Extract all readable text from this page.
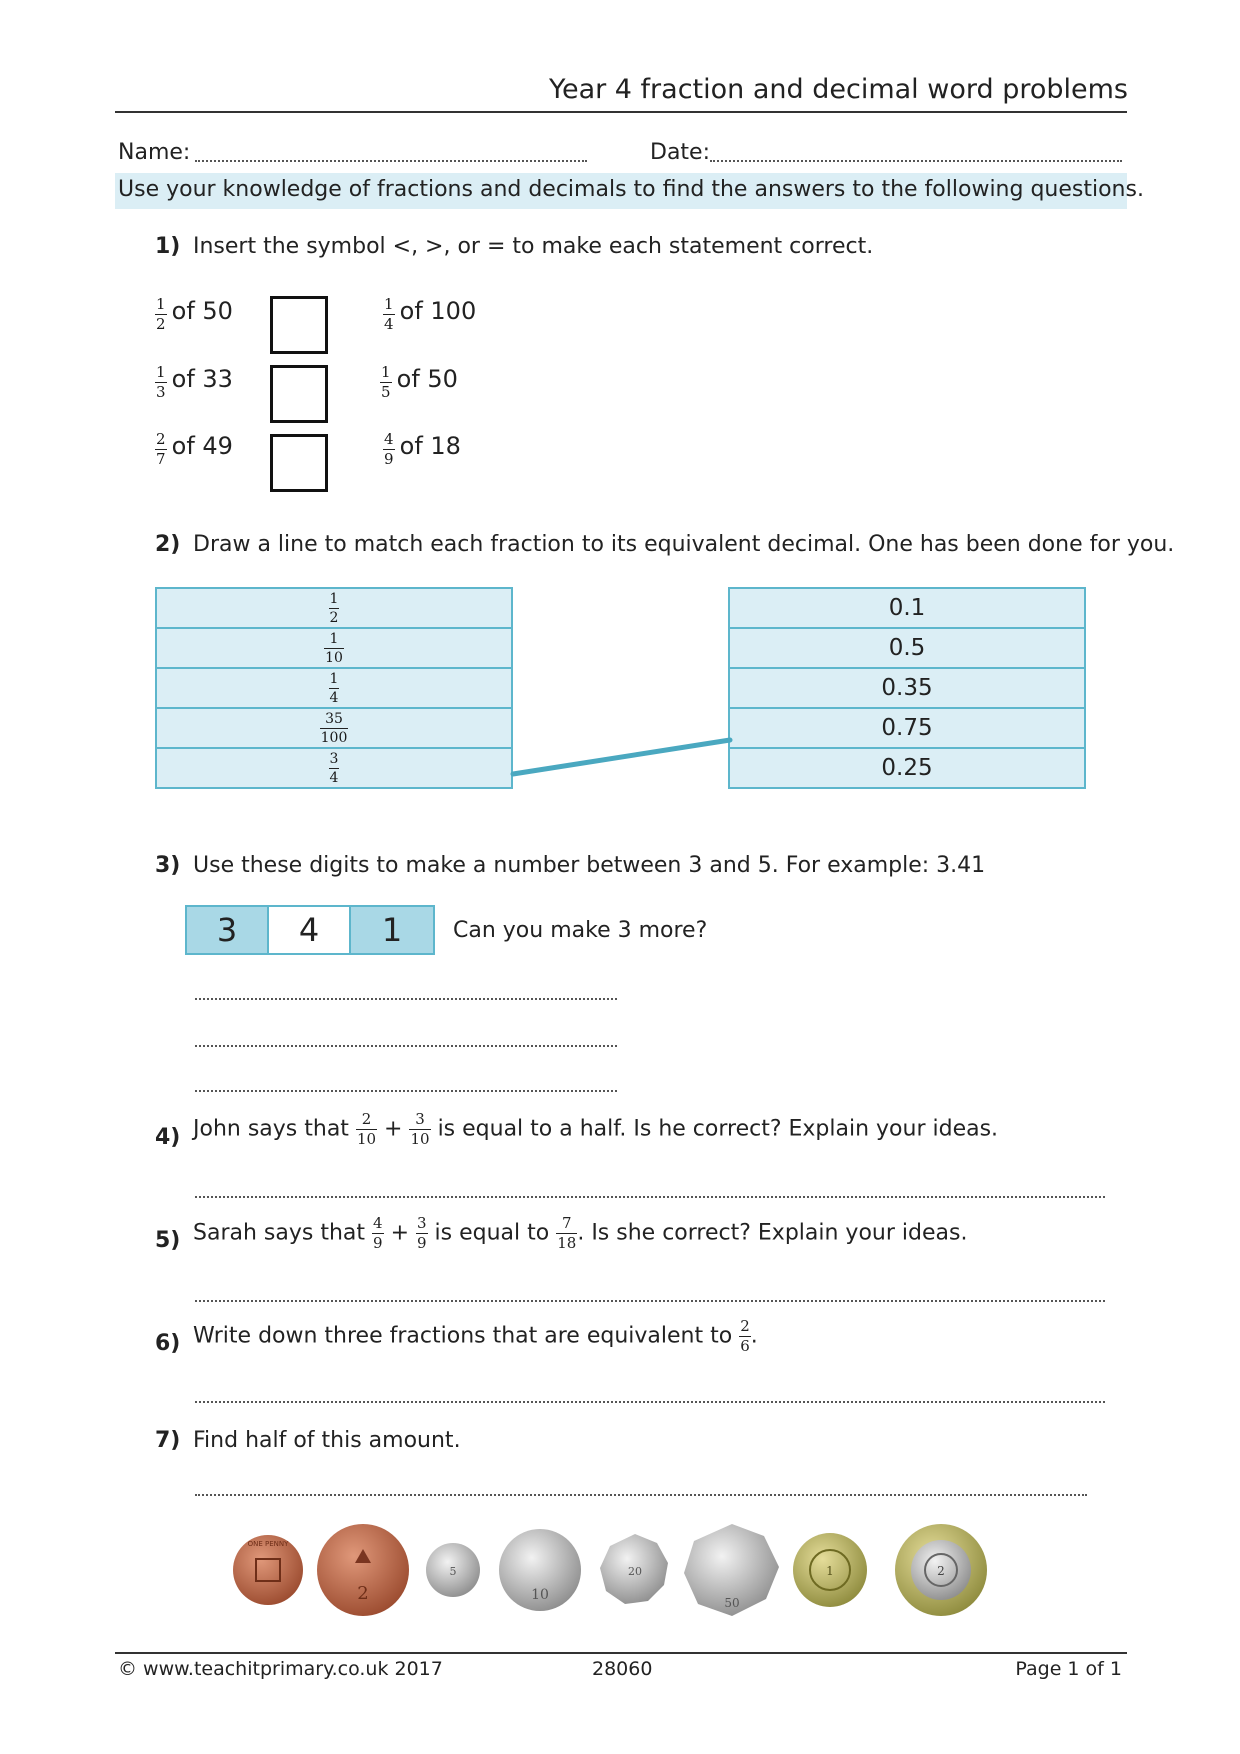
Year 4 fraction and decimal word problems
Name:	Date:
Use your knowledge of fractions and decimals to find the answers to the following questions.
1) Insert the symbol <, >, or = to make each statement correct.
$\frac{1}{2}$ of 50	$\frac{1}{4}$ of 100
$\frac{1}{3}$ of 33	$\frac{1}{5}$ of 50
$\frac{2}{7}$ of 49	$\frac{4}{9}$ of 18
2) Draw a line to match each fraction to its equivalent decimal. One has been done for you.
$\frac{1}{2}$

$\frac{1}{10}$

$\frac{1}{4}$

$\frac{35}{100}$

$\frac{3}{4}$
0.1
0.5
0.35
0.75
0.25
3) Use these digits to make a number between 3 and 5. For example: 3.41
3	4	1	Can you make 3 more?
4) John says that $\frac{2}{10} + \frac{3}{10}$ is equal to a half. Is he correct? Explain your ideas.
5) Sarah says that $\frac{4}{9} + \frac{3}{9}$ is equal to $\frac{7}{18}$ . Is she correct? Explain your ideas.
6) Write down three fractions that are equivalent to $\frac{2}{6}$ .
7) Find half of this amount.
ONE PENNY
2
5
10
20
50
1	2
© www.teachitprimary.co.uk 2017	28060	Page 1 of 1
